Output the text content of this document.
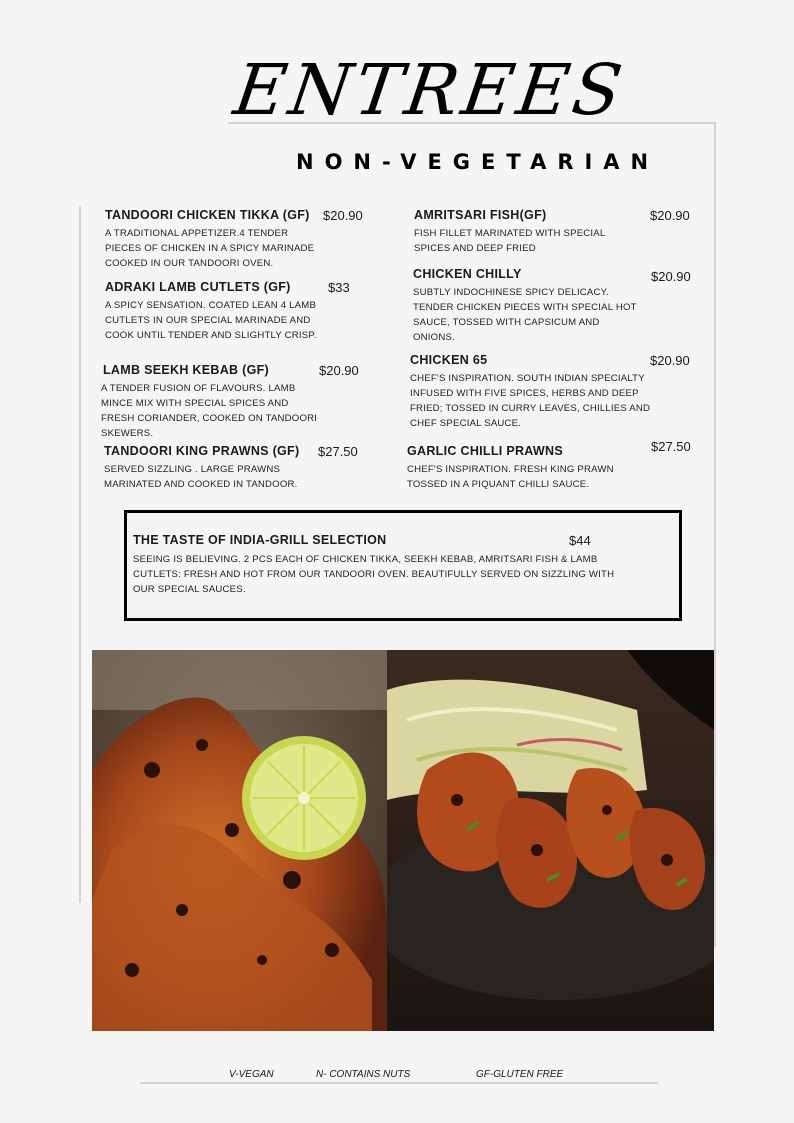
ENTREES
NON-VEGETARIAN
TANDOORI CHICKEN TIKKA (GF) $20.90
A TRADITIONAL APPETIZER.4 TENDER PIECES OF CHICKEN IN A SPICY MARINADE COOKED IN OUR TANDOORI OVEN.
ADRAKI LAMB CUTLETS (GF)	$33
A SPICY SENSATION. COATED LEAN 4 LAMB CUTLETS IN OUR SPECIAL MARINADE AND COOK UNTIL TENDER AND SLIGHTLY CRISP.
LAMB SEEKH KEBAB (GF)	$20.90
A TENDER FUSION OF FLAVOURS. LAMB MINCE MIX WITH SPECIAL SPICES AND FRESH CORIANDER, COOKED ON TANDOORI SKEWERS.
TANDOORI KING PRAWNS (GF) $27.50
SERVED SIZZLING . LARGE PRAWNS MARINATED AND COOKED IN TANDOOR.
AMRITSARI FISH(GF)	$20.90
FISH FILLET MARINATED WITH SPECIAL SPICES AND DEEP FRIED
CHICKEN CHILLY	$20.90
SUBTLY INDOCHINESE SPICY DELICACY. TENDER CHICKEN PIECES WITH SPECIAL HOT SAUCE, TOSSED WITH CAPSICUM AND ONIONS.
CHICKEN 65	$20.90
CHEF'S INSPIRATION. SOUTH INDIAN SPECIALTY INFUSED WITH FIVE SPICES, HERBS AND DEEP FRIED; TOSSED IN CURRY LEAVES, CHILLIES AND CHEF SPECIAL SAUCE.
GARLIC CHILLI PRAWNS	$27.50
CHEF'S INSPIRATION. FRESH KING PRAWN TOSSED IN A PIQUANT CHILLI SAUCE.
THE TASTE OF INDIA-GRILL SELECTION	$44
SEEING IS BELIEVING. 2 PCS EACH OF CHICKEN TIKKA, SEEKH KEBAB, AMRITSARI FISH & LAMB CUTLETS: FRESH AND HOT FROM OUR TANDOORI OVEN. BEAUTIFULLY SERVED ON SIZZLING WITH OUR SPECIAL SAUCES.
V-VEGAN	N- CONTAINS NUTS	GF-GLUTEN FREE
